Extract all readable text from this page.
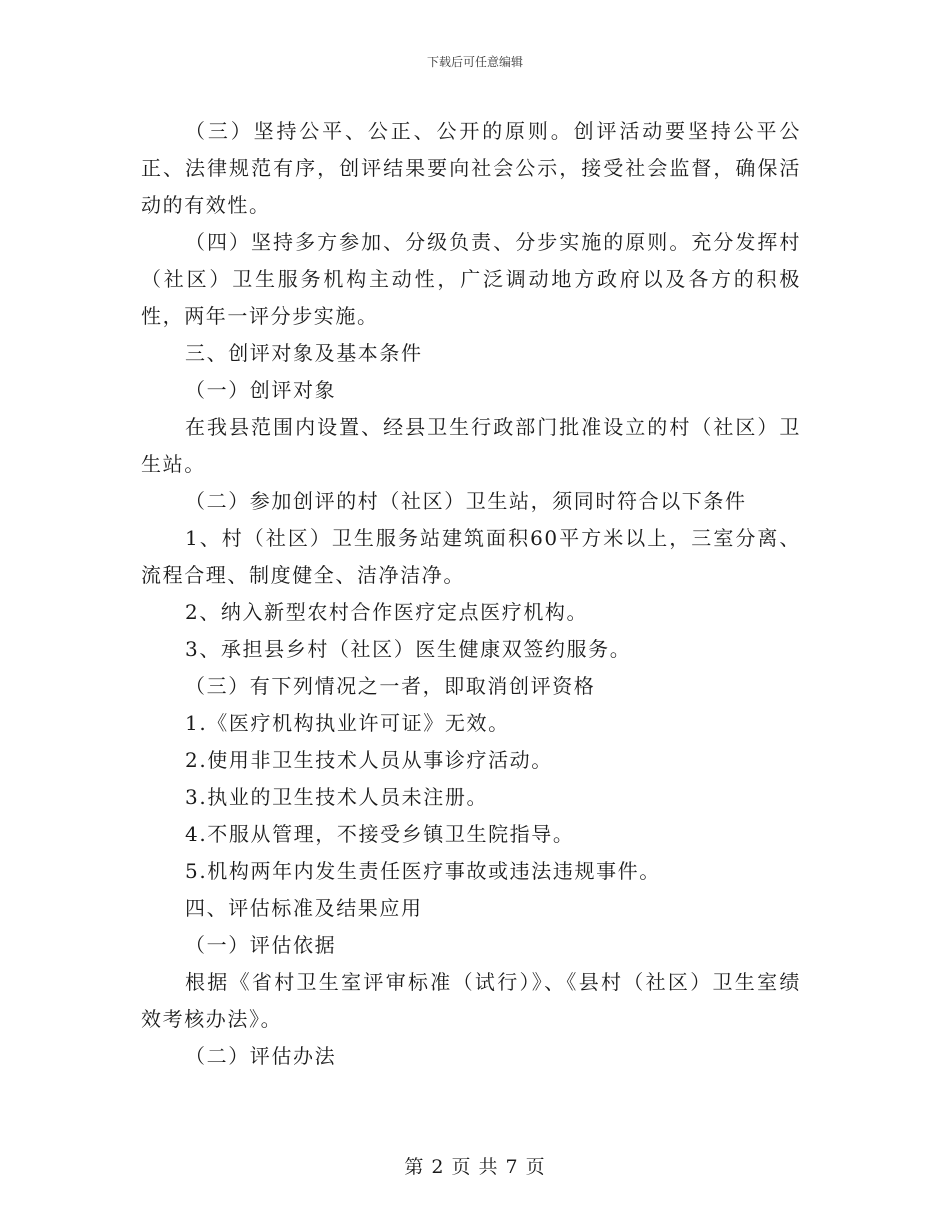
下载后可任意编辑

（三）坚持公平、公正、公开的原则。创评活动要坚持公平公正、法律规范有序，创评结果要向社会公示，接受社会监督，确保活动的有效性。

（四）坚持多方参加、分级负责、分步实施的原则。充分发挥村（社区）卫生服务机构主动性，广泛调动地方政府以及各方的积极性，两年一评分步实施。

三、创评对象及基本条件

（一）创评对象

在我县范围内设置、经县卫生行政部门批准设立的村（社区）卫生站。

（二）参加创评的村（社区）卫生站，须同时符合以下条件

1、村（社区）卫生服务站建筑面积60平方米以上，三室分离、流程合理、制度健全、洁净洁净。

2、纳入新型农村合作医疗定点医疗机构。

3、承担县乡村（社区）医生健康双签约服务。

（三）有下列情况之一者，即取消创评资格

1.《医疗机构执业许可证》无效。

2.使用非卫生技术人员从事诊疗活动。

3.执业的卫生技术人员未注册。

4.不服从管理，不接受乡镇卫生院指导。

5.机构两年内发生责任医疗事故或违法违规事件。

四、评估标准及结果应用

（一）评估依据

根据《省村卫生室评审标准（试行）》、《县村（社区）卫生室绩效考核办法》。

（二）评估办法

第 2 页 共 7 页
